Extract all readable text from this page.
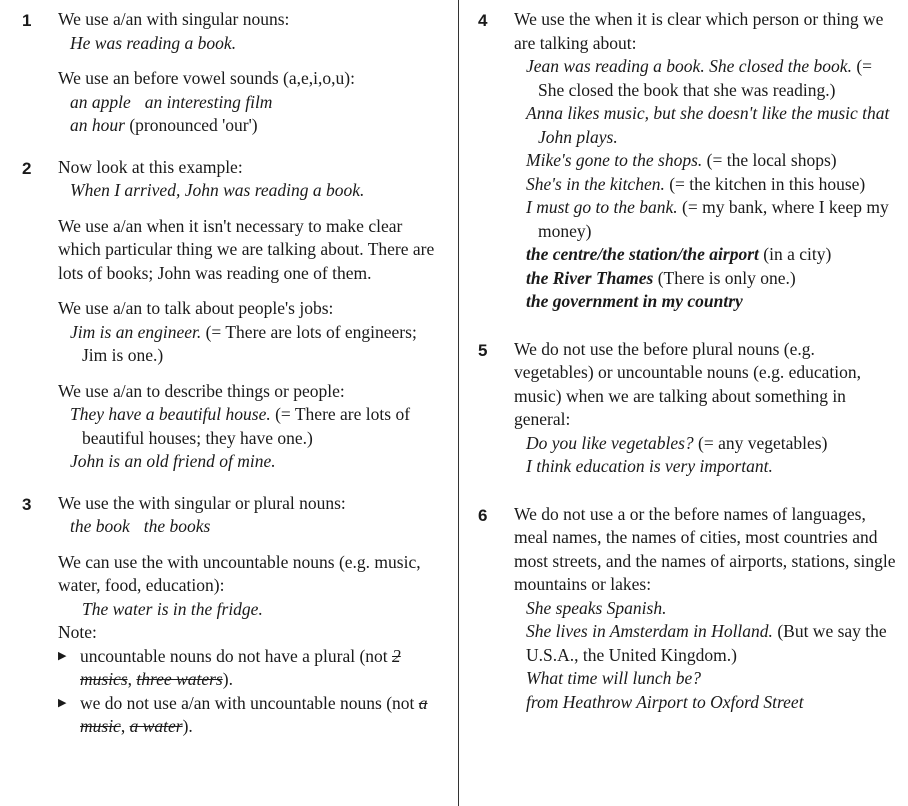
1 We use a/an with singular nouns:
He was reading a book.
We use an before vowel sounds (a,e,i,o,u):
an apple an interesting film
an hour (pronounced 'our')
2 Now look at this example:
When I arrived, John was reading a book.
We use a/an when it isn't necessary to make clear which particular thing we are talking about. There are lots of books; John was reading one of them.
We use a/an to talk about people's jobs:
Jim is an engineer. (= There are lots of engineers; Jim is one.)
We use a/an to describe things or people:
They have a beautiful house. (= There are lots of beautiful houses; they have one.)
John is an old friend of mine.
3 We use the with singular or plural nouns:
the book the books
We can use the with uncountable nouns (e.g. music, water, food, education):
The water is in the fridge.
Note:
▶ uncountable nouns do not have a plural (not 2 musics, three waters).
▶ we do not use a/an with uncountable nouns (not a music, a water).
4 We use the when it is clear which person or thing we are talking about:
Jean was reading a book. She closed the book. (= She closed the book that she was reading.)
Anna likes music, but she doesn't like the music that John plays.
Mike's gone to the shops. (= the local shops)
She's in the kitchen. (= the kitchen in this house)
I must go to the bank. (= my bank, where I keep my money)
the centre/the station/the airport (in a city)
the River Thames (There is only one.)
the government in my country
5 We do not use the before plural nouns (e.g. vegetables) or uncountable nouns (e.g. education, music) when we are talking about something in general:
Do you like vegetables? (= any vegetables)
I think education is very important.
6 We do not use a or the before names of languages, meal names, the names of cities, most countries and most streets, and the names of airports, stations, single mountains or lakes:
She speaks Spanish.
She lives in Amsterdam in Holland. (But we say the U.S.A., the United Kingdom.)
What time will lunch be?
from Heathrow Airport to Oxford Street
